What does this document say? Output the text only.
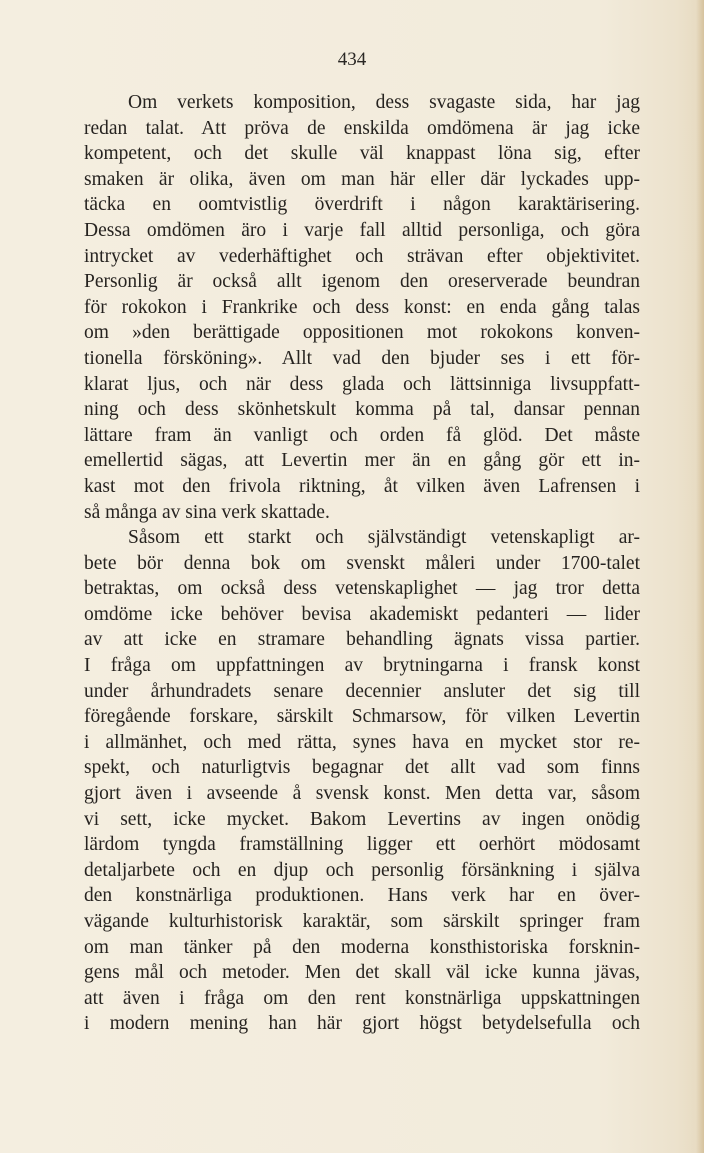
434
Om verkets komposition, dess svagaste sida, har jag
redan talat. Att pröva de enskilda omdömena är jag icke
kompetent, och det skulle väl knappast löna sig, efter
smaken är olika, även om man här eller där lyckades upp-
täcka en oomtvistlig överdrift i någon karaktärisering.
Dessa omdömen äro i varje fall alltid personliga, och göra
intrycket av vederhäftighet och strävan efter objektivitet.
Personlig är också allt igenom den oreserverade beundran
för rokokon i Frankrike och dess konst: en enda gång talas
om »den berättigade oppositionen mot rokokons konven-
tionella försköning». Allt vad den bjuder ses i ett för-
klarat ljus, och när dess glada och lättsinniga livsuppfatt-
ning och dess skönhetskult komma på tal, dansar pennan
lättare fram än vanligt och orden få glöd. Det måste
emellertid sägas, att Levertin mer än en gång gör ett in-
kast mot den frivola riktning, åt vilken även Lafrensen i
så många av sina verk skattade.
Såsom ett starkt och självständigt vetenskapligt ar-
bete bör denna bok om svenskt måleri under 1700-talet
betraktas, om också dess vetenskaplighet — jag tror detta
omdöme icke behöver bevisa akademiskt pedanteri — lider
av att icke en stramare behandling ägnats vissa partier.
I fråga om uppfattningen av brytningarna i fransk konst
under århundradets senare decennier ansluter det sig till
föregående forskare, särskilt Schmarsow, för vilken Levertin
i allmänhet, och med rätta, synes hava en mycket stor re-
spekt, och naturligtvis begagnar det allt vad som finns
gjort även i avseende å svensk konst. Men detta var, såsom
vi sett, icke mycket. Bakom Levertins av ingen onödig
lärdom tyngda framställning ligger ett oerhört mödosamt
detaljarbete och en djup och personlig försänkning i själva
den konstnärliga produktionen. Hans verk har en över-
vägande kulturhistorisk karaktär, som särskilt springer fram
om man tänker på den moderna konsthistoriska forsknin-
gens mål och metoder. Men det skall väl icke kunna jävas,
att även i fråga om den rent konstnärliga uppskattningen
i modern mening han här gjort högst betydelsefulla och
